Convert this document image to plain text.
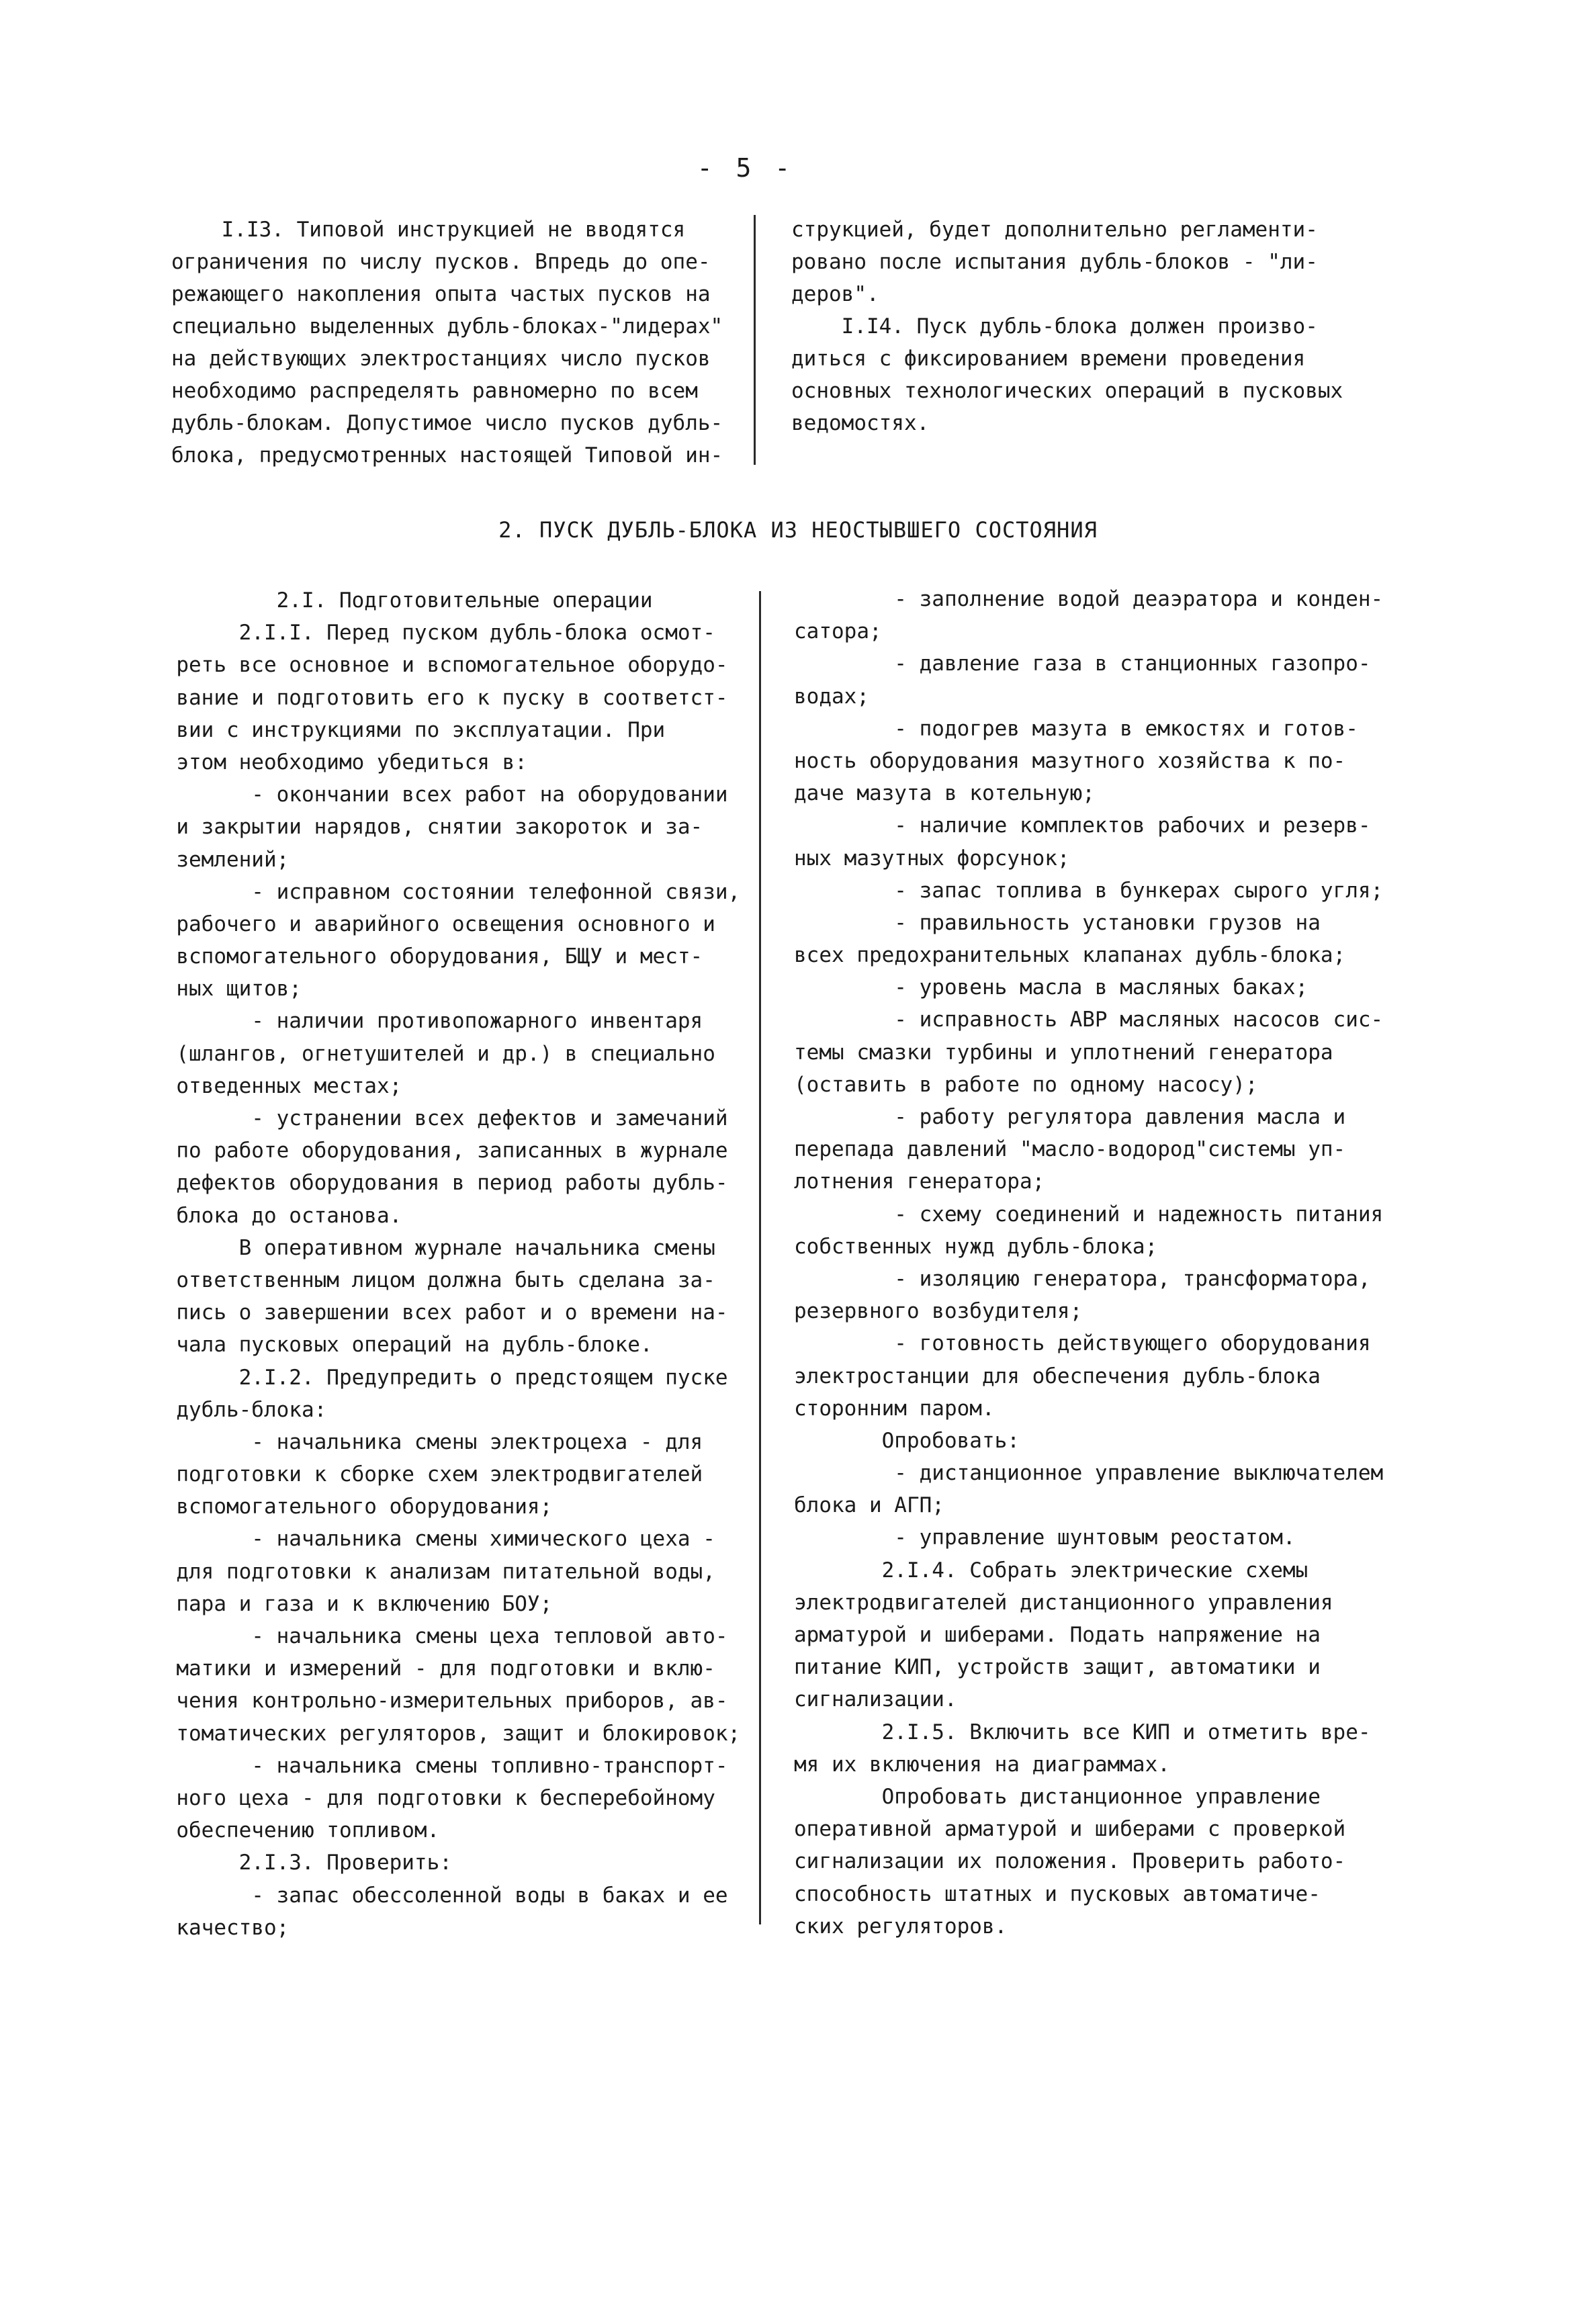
- 5 -
I.I3. Типовой инструкцией не вводятся
ограничения по числу пусков. Впредь до опе-
режающего накопления опыта частых пусков на
специально выделенных дубль-блоках-"лидерах"
на действующих электростанциях число пусков
необходимо распределять равномерно по всем
дубль-блокам. Допустимое число пусков дубль-
блока, предусмотренных настоящей Типовой ин-
струкцией, будет дополнительно регламенти-
ровано после испытания дубль-блоков - "ли-
деров".
I.I4. Пуск дубль-блока должен произво-
диться с фиксированием времени проведения
основных технологических операций в пусковых
ведомостях.
2. ПУСК ДУБЛЬ-БЛОКА ИЗ НЕОСТЫВШЕГО СОСТОЯНИЯ
2.I. Подготовительные операции
2.I.I. Перед пуском дубль-блока осмот-
реть все основное и вспомогательное оборудо-
вание и подготовить его к пуску в соответст-
вии с инструкциями по эксплуатации. При
этом необходимо убедиться в:
- окончании всех работ на оборудовании
и закрытии нарядов, снятии закороток и за-
землений;
- исправном состоянии телефонной связи,
рабочего и аварийного освещения основного и
вспомогательного оборудования, БЩУ и мест-
ных щитов;
- наличии противопожарного инвентаря
(шлангов, огнетушителей и др.) в специально
отведенных местах;
- устранении всех дефектов и замечаний
по работе оборудования, записанных в журнале
дефектов оборудования в период работы дубль-
блока до останова.
В оперативном журнале начальника смены
ответственным лицом должна быть сделана за-
пись о завершении всех работ и о времени на-
чала пусковых операций на дубль-блоке.
2.I.2. Предупредить о предстоящем пуске
дубль-блока:
- начальника смены электроцеха - для
подготовки к сборке схем электродвигателей
вспомогательного оборудования;
- начальника смены химического цеха -
для подготовки к анализам питательной воды,
пара и газа и к включению БОУ;
- начальника смены цеха тепловой авто-
матики и измерений - для подготовки и вклю-
чения контрольно-измерительных приборов, ав-
томатических регуляторов, защит и блокировок;
- начальника смены топливно-транспорт-
ного цеха - для подготовки к бесперебойному
обеспечению топливом.
2.I.3. Проверить:
- запас обессоленной воды в баках и ее
качество;
- заполнение водой деаэратора и конден-
сатора;
- давление газа в станционных газопро-
водах;
- подогрев мазута в емкостях и готов-
ность оборудования мазутного хозяйства к по-
даче мазута в котельную;
- наличие комплектов рабочих и резерв-
ных мазутных форсунок;
- запас топлива в бункерах сырого угля;
- правильность установки грузов на
всех предохранительных клапанах дубль-блока;
- уровень масла в масляных баках;
- исправность АВР масляных насосов сис-
темы смазки турбины и уплотнений генератора
(оставить в работе по одному насосу);
- работу регулятора давления масла и
перепада давлений "масло-водород"системы уп-
лотнения генератора;
- схему соединений и надежность питания
собственных нужд дубль-блока;
- изоляцию генератора, трансформатора,
резервного возбудителя;
- готовность действующего оборудования
электростанции для обеспечения дубль-блока
сторонним паром.
Опробовать:
- дистанционное управление выключателем
блока и АГП;
- управление шунтовым реостатом.
2.I.4. Собрать электрические схемы
электродвигателей дистанционного управления
арматурой и шиберами. Подать напряжение на
питание КИП, устройств защит, автоматики и
сигнализации.
2.I.5. Включить все КИП и отметить вре-
мя их включения на диаграммах.
Опробовать дистанционное управление
оперативной арматурой и шиберами с проверкой
сигнализации их положения. Проверить работо-
способность штатных и пусковых автоматиче-
ских регуляторов.
